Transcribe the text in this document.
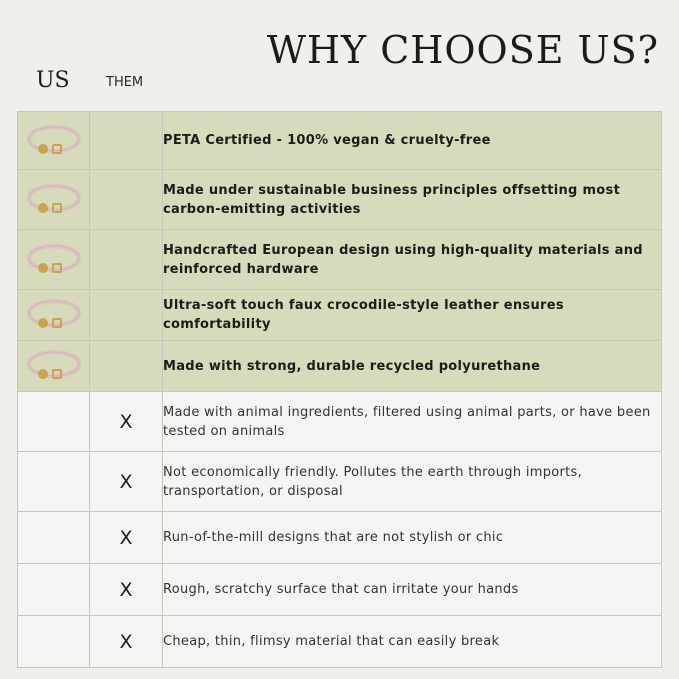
WHY CHOOSE US?
US	THEM
		PETA Certified - 100% vegan & cruelty-free
		Made under sustainable business principles offsetting most carbon-emitting activities
		Handcrafted European design using high-quality materials and reinforced hardware
		Ultra-soft touch faux crocodile-style leather ensures comfortability
		Made with strong, durable recycled polyurethane
	X	Made with animal ingredients, filtered using animal parts, or have been tested on animals
	X	Not economically friendly. Pollutes the earth through imports, transportation, or disposal
	X	Run-of-the-mill designs that are not stylish or chic
	X	Rough, scratchy surface that can irritate your hands
	X	Cheap, thin, flimsy material that can easily break
